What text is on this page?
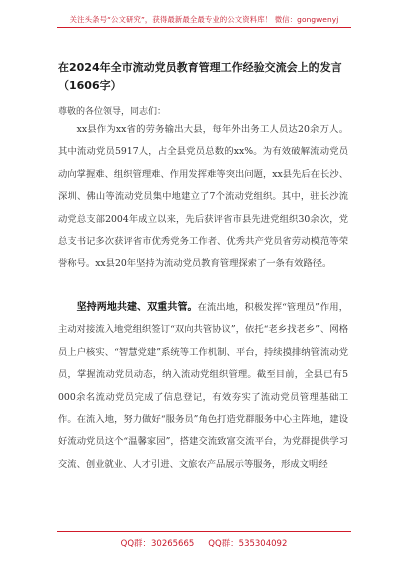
关注头条号“公文研究”，获得最新最全最专业的公文资料库！ 微信：gongwenyj
在2024年全市流动党员教育管理工作经验交流会上的发言
（1606字）
尊敬的各位领导，同志们：
xx县作为xx省的劳务输出大县，每年外出务工人员达20余万人。其中流动党员5917人，占全县党员总数的xx%。为有效破解流动党员动向掌握难、组织管理难、作用发挥难等突出问题，xx县先后在长沙、深圳、佛山等流动党员集中地建立了7个流动党组织。其中，驻长沙流动党总支部2004年成立以来，先后获评省市县先进党组织30余次，党总支书记多次获评省市优秀党务工作者、优秀共产党员省劳动模范等荣誉称号。xx县20年坚持为流动党员教育管理探索了一条有效路径。
坚持两地共建、双重共管。在流出地，积极发挥“管理员”作用，主动对接流入地党组织签订“双向共管协议”，依托“老乡找老乡”、网格员上户核实、“智慧党建”系统等工作机制、平台，持续摸排纳管流动党员，掌握流动党员动态，纳入流动党组织管理。截至目前，全县已有5000余名流动党员完成了信息登记，有效夯实了流动党员管理基础工作。在流入地，努力做好“服务员”角色打造党群服务中心主阵地，建设好流动党员这个“温馨家园”，搭建交流致富交流平台，为党群提供学习交流、创业就业、人才引进、文旅农产品展示等服务，形成文明经
QQ群：30265665 QQ群：535304092
